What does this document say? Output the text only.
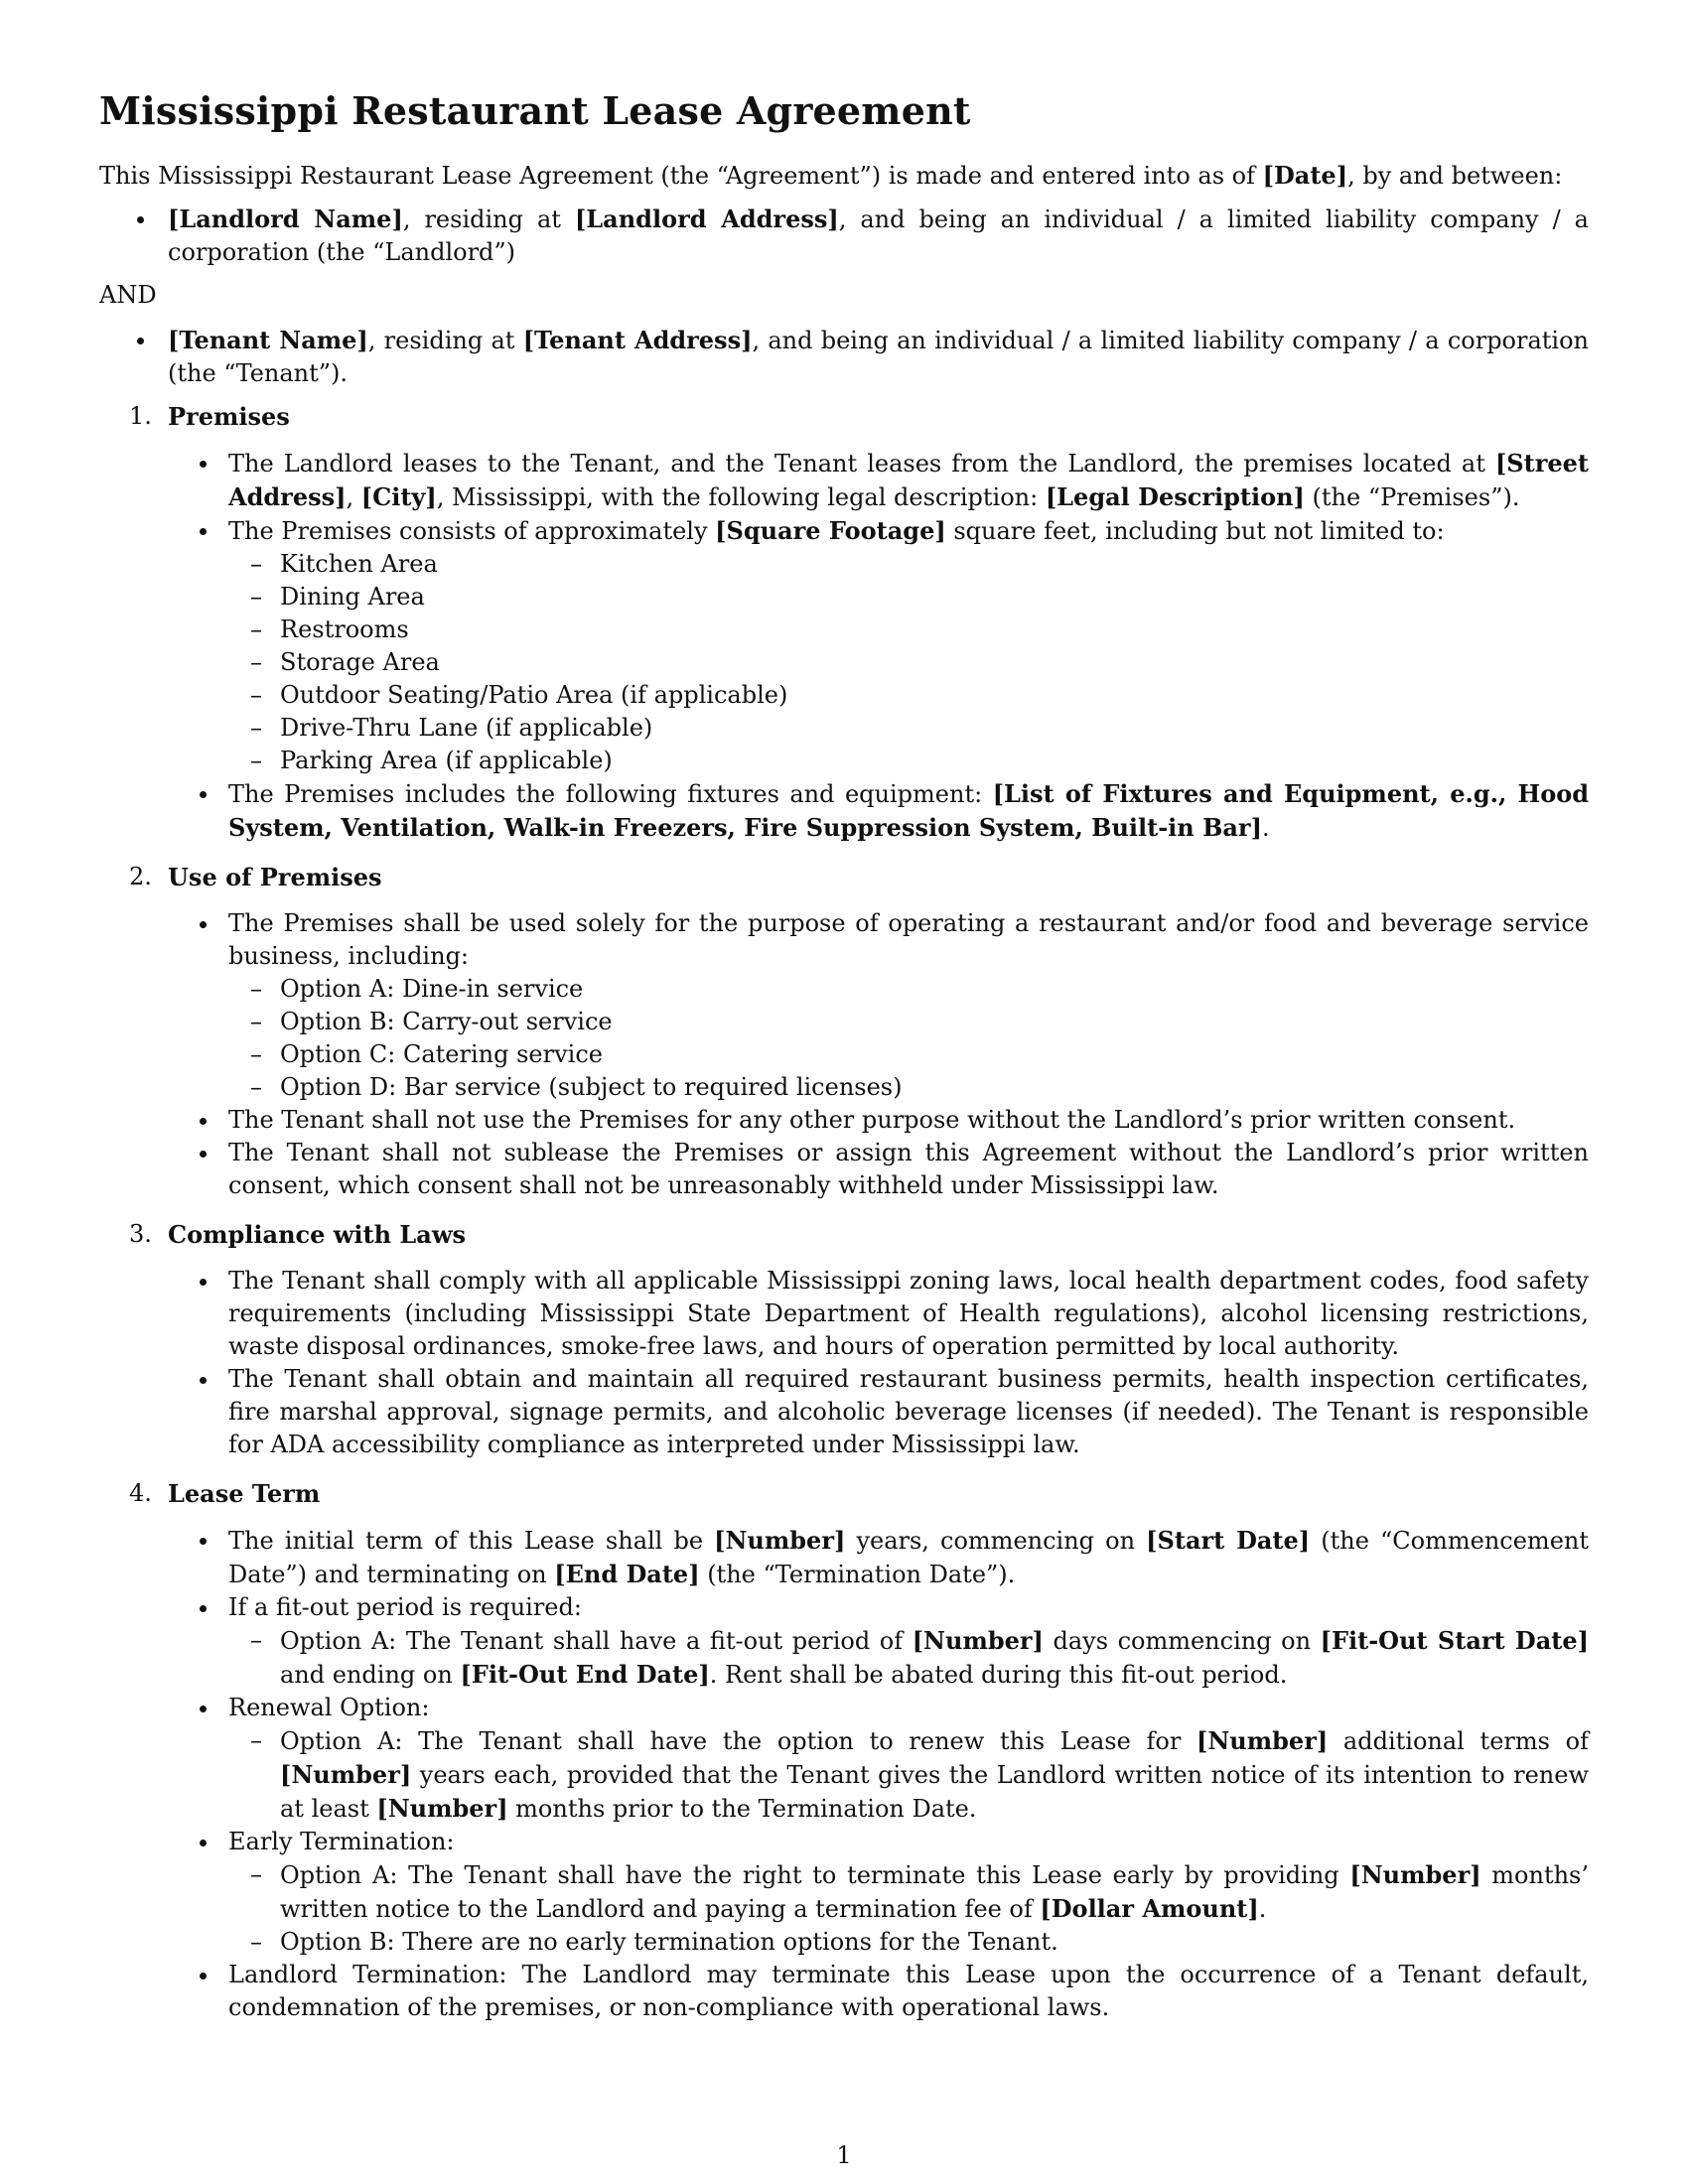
Mississippi Restaurant Lease Agreement

This Mississippi Restaurant Lease Agreement (the “Agreement”) is made and entered into as of [Date], by and between:

[Landlord Name], residing at [Landlord Address], and being an individual / a limited liability company / a corporation (the “Landlord”)

AND

[Tenant Name], residing at [Tenant Address], and being an individual / a limited liability company / a corporation (the “Tenant”).

1. Premises

The Landlord leases to the Tenant, and the Tenant leases from the Landlord, the premises located at [Street Address], [City], Mississippi, with the following legal description: [Legal Description] (the “Premises”).
The Premises consists of approximately [Square Footage] square feet, including but not limited to:
– Kitchen Area
– Dining Area
– Restrooms
– Storage Area
– Outdoor Seating/Patio Area (if applicable)
– Drive-Thru Lane (if applicable)
– Parking Area (if applicable)
The Premises includes the following fixtures and equipment: [List of Fixtures and Equipment, e.g., Hood System, Ventilation, Walk-in Freezers, Fire Suppression System, Built-in Bar].

2. Use of Premises

The Premises shall be used solely for the purpose of operating a restaurant and/or food and beverage service business, including:
– Option A: Dine-in service
– Option B: Carry-out service
– Option C: Catering service
– Option D: Bar service (subject to required licenses)
The Tenant shall not use the Premises for any other purpose without the Landlord’s prior written consent.
The Tenant shall not sublease the Premises or assign this Agreement without the Landlord’s prior written consent, which consent shall not be unreasonably withheld under Mississippi law.

3. Compliance with Laws

The Tenant shall comply with all applicable Mississippi zoning laws, local health department codes, food safety requirements (including Mississippi State Department of Health regulations), alcohol licensing restrictions, waste disposal ordinances, smoke-free laws, and hours of operation permitted by local authority.
The Tenant shall obtain and maintain all required restaurant business permits, health inspection certificates, fire marshal approval, signage permits, and alcoholic beverage licenses (if needed). The Tenant is responsible for ADA accessibility compliance as interpreted under Mississippi law.

4. Lease Term

The initial term of this Lease shall be [Number] years, commencing on [Start Date] (the “Commencement Date”) and terminating on [End Date] (the “Termination Date”).
If a fit-out period is required:
– Option A: The Tenant shall have a fit-out period of [Number] days commencing on [Fit-Out Start Date] and ending on [Fit-Out End Date]. Rent shall be abated during this fit-out period.
Renewal Option:
– Option A: The Tenant shall have the option to renew this Lease for [Number] additional terms of [Number] years each, provided that the Tenant gives the Landlord written notice of its intention to renew at least [Number] months prior to the Termination Date.
Early Termination:
– Option A: The Tenant shall have the right to terminate this Lease early by providing [Number] months’ written notice to the Landlord and paying a termination fee of [Dollar Amount].
– Option B: There are no early termination options for the Tenant.
Landlord Termination: The Landlord may terminate this Lease upon the occurrence of a Tenant default, condemnation of the premises, or non-compliance with operational laws.
1
